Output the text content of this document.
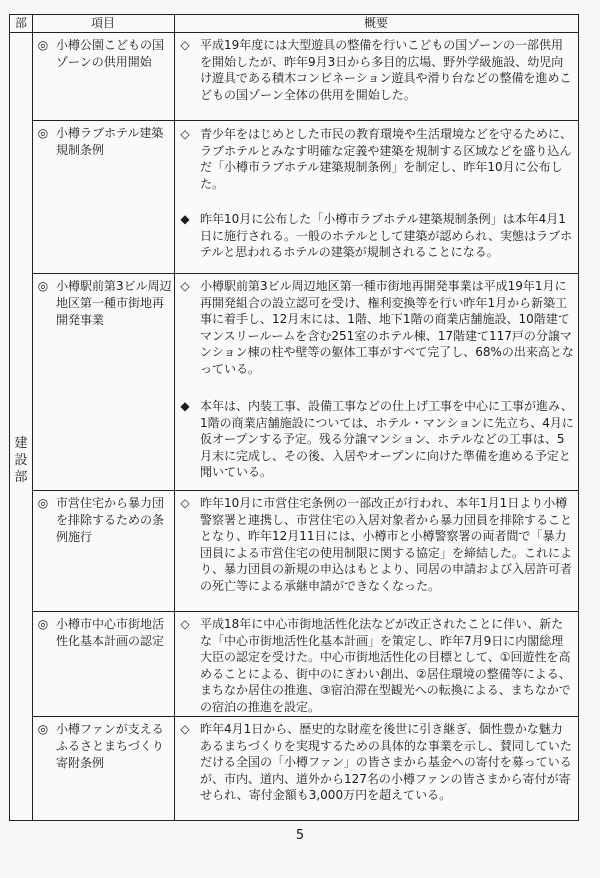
部	項目	概要
建
設
部
◎ 小樽公園こどもの国ゾーンの供用開始
◇ 平成19年度には大型遊具の整備を行いこどもの国ゾーンの一部供用を開始したが、昨年9月3日から多目的広場、野外学級施設、幼児向け遊具である積木コンビネーション遊具や滑り台などの整備を進めこどもの国ゾーン全体の供用を開始した。
◎ 小樽ラブホテル建築規制条例
◇ 青少年をはじめとした市民の教育環境や生活環境などを守るために、ラブホテルとみなす明確な定義や建築を規制する区域などを盛り込んだ「小樽市ラブホテル建築規制条例」を制定し、昨年10月に公布した。
◆ 昨年10月に公布した「小樽市ラブホテル建築規制条例」は本年4月1日に施行される。一般のホテルとして建築が認められ、実態はラブホテルと思われるホテルの建築が規制されることになる。
◎ 小樽駅前第3ビル周辺地区第一種市街地再開発事業
◇ 小樽駅前第3ビル周辺地区第一種市街地再開発事業は平成19年1月に再開発組合の設立認可を受け、権利変換等を行い昨年1月から新築工事に着手し、12月末には、1階、地下1階の商業店舗施設、10階建てマンスリールームを含む251室のホテル棟、17階建て117戸の分譲マンション棟の柱や壁等の躯体工事がすべて完了し、68%の出来高となっている。
◆ 本年は、内装工事、設備工事などの仕上げ工事を中心に工事が進み、1階の商業店舗施設については、ホテル・マンションに先立ち、4月に仮オープンする予定。残る分譲マンション、ホテルなどの工事は、5月末に完成し、その後、入居やオープンに向けた準備を進める予定と聞いている。
◎ 市営住宅から暴力団を排除するための条例施行
◇ 昨年10月に市営住宅条例の一部改正が行われ、本年1月1日より小樽警察署と連携し、市営住宅の入居対象者から暴力団員を排除することとなり、昨年12月11日には、小樽市と小樽警察署の両者間で「暴力団員による市営住宅の使用制限に関する協定」を締結した。これにより、暴力団員の新規の申込はもとより、同居の申請および入居許可者の死亡等による承継申請ができなくなった。
◎ 小樽市中心市街地活性化基本計画の認定
◇ 平成18年に中心市街地活性化法などが改正されたことに伴い、新たな「中心市街地活性化基本計画」を策定し、昨年7月9日に内閣総理大臣の認定を受けた。中心市街地活性化の目標として、①回遊性を高めることによる、街中のにぎわい創出、②居住環境の整備等による、まちなか居住の推進、③宿泊滞在型観光への転換による、まちなかでの宿泊の推進を設定。
◎ 小樽ファンが支えるふるさとまちづくり寄附条例
◇ 昨年4月1日から、歴史的な財産を後世に引き継ぎ、個性豊かな魅力あるまちづくりを実現するための具体的な事業を示し、賛同していただける全国の「小樽ファン」の皆さまから基金への寄付を募っているが、市内、道内、道外から127名の小樽ファンの皆さまから寄付が寄せられ、寄付金額も3,000万円を超えている。
5
